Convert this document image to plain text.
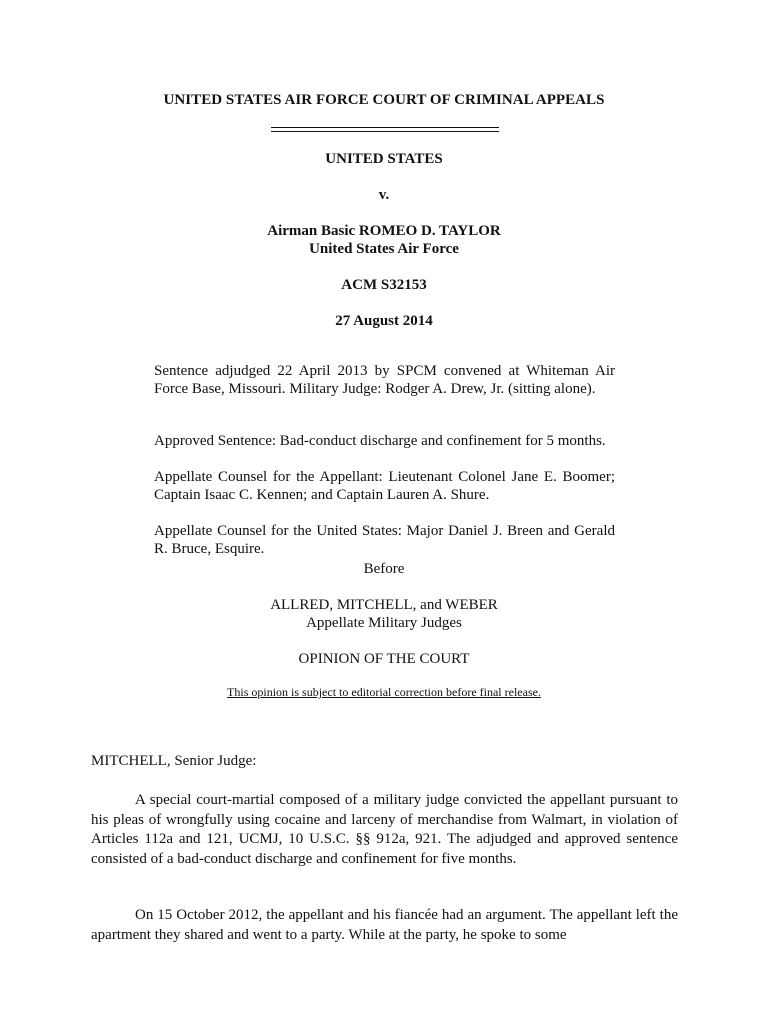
UNITED STATES AIR FORCE COURT OF CRIMINAL APPEALS

UNITED STATES

v.

Airman Basic ROMEO D. TAYLOR

United States Air Force

ACM S32153

27 August 2014

Sentence adjudged 22 April 2013 by SPCM convened at Whiteman Air Force Base, Missouri. Military Judge: Rodger A. Drew, Jr. (sitting alone).

Approved Sentence: Bad-conduct discharge and confinement for 5 months.

Appellate Counsel for the Appellant: Lieutenant Colonel Jane E. Boomer; Captain Isaac C. Kennen; and Captain Lauren A. Shure.

Appellate Counsel for the United States: Major Daniel J. Breen and Gerald R. Bruce, Esquire.

Before

ALLRED, MITCHELL, and WEBER

Appellate Military Judges

OPINION OF THE COURT

This opinion is subject to editorial correction before final release.

MITCHELL, Senior Judge:

A special court-martial composed of a military judge convicted the appellant pursuant to his pleas of wrongfully using cocaine and larceny of merchandise from Walmart, in violation of Articles 112a and 121, UCMJ, 10 U.S.C. §§ 912a, 921. The adjudged and approved sentence consisted of a bad-conduct discharge and confinement for five months.

On 15 October 2012, the appellant and his fiancée had an argument. The appellant left the apartment they shared and went to a party. While at the party, he spoke to some
